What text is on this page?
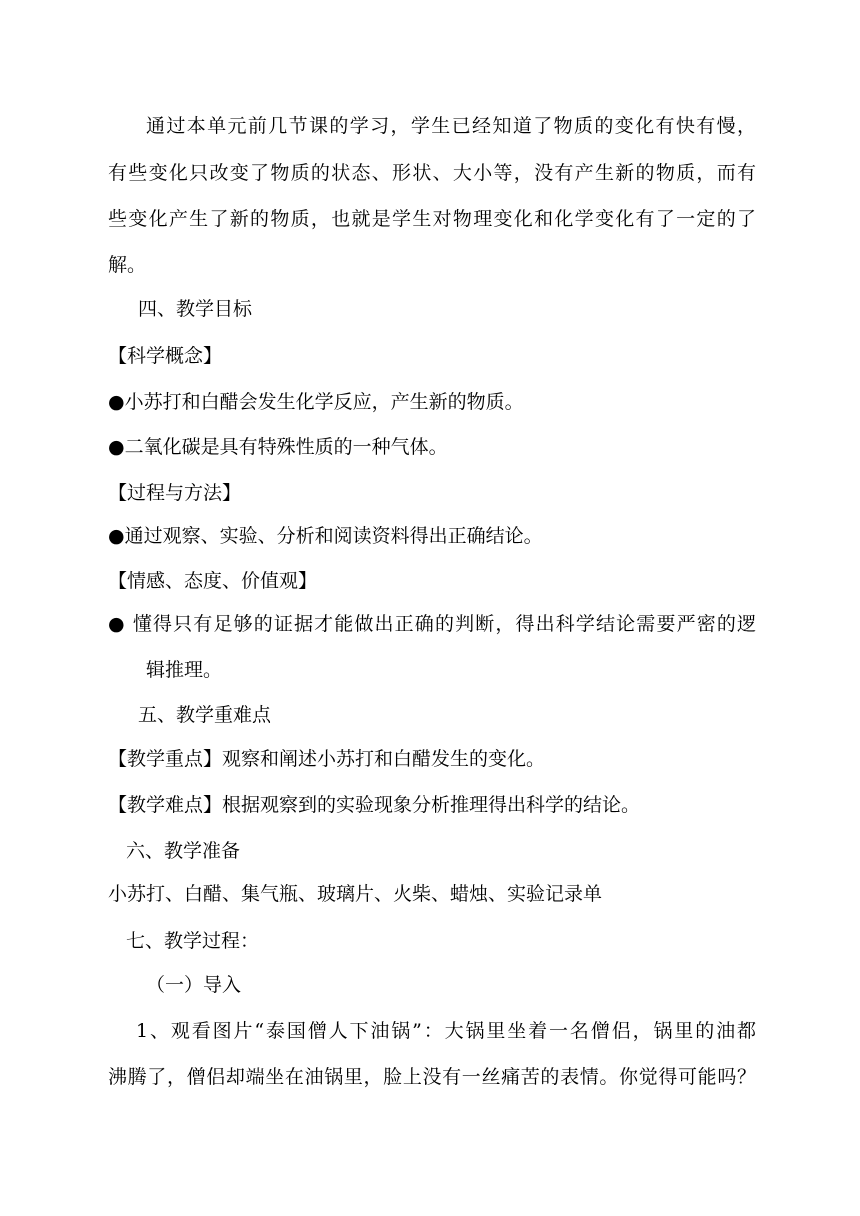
通过本单元前几节课的学习，学生已经知道了物质的变化有快有慢，

有些变化只改变了物质的状态、形状、大小等，没有产生新的物质，而有

些变化产生了新的物质，也就是学生对物理变化和化学变化有了一定的了

解。

四、教学目标

【科学概念】

●小苏打和白醋会发生化学反应，产生新的物质。

●二氧化碳是具有特殊性质的一种气体。

【过程与方法】

●通过观察、实验、分析和阅读资料得出正确结论。

【情感、态度、价值观】

● 懂得只有足够的证据才能做出正确的判断，得出科学结论需要严密的逻

辑推理。

五、教学重难点

【教学重点】观察和阐述小苏打和白醋发生的变化。

【教学难点】根据观察到的实验现象分析推理得出科学的结论。

六、教学准备

小苏打、白醋、集气瓶、玻璃片、火柴、蜡烛、实验记录单

七、教学过程：

（一）导入

1、观看图片“泰国僧人下油锅”：大锅里坐着一名僧侣，锅里的油都

沸腾了，僧侣却端坐在油锅里，脸上没有一丝痛苦的表情。你觉得可能吗？
